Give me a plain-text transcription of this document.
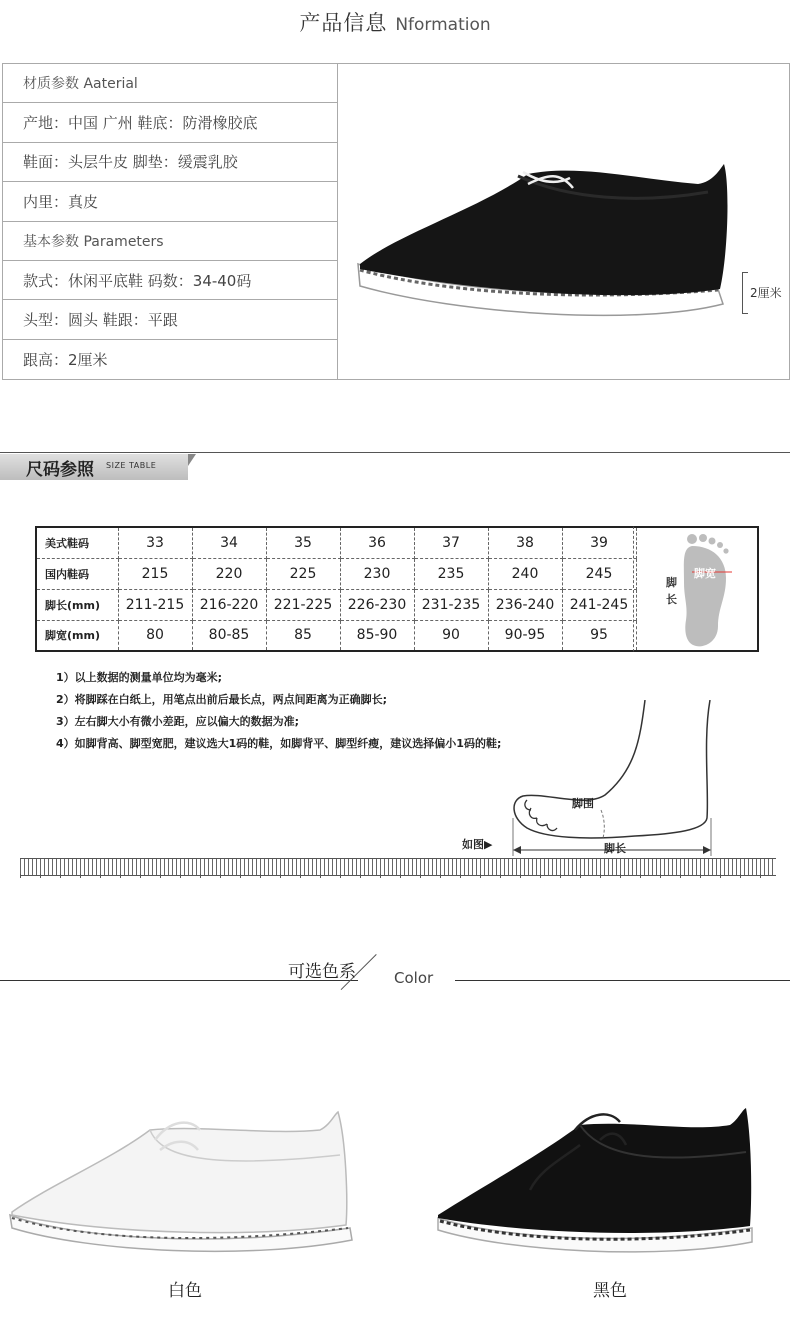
产品信息 Nformation
材质参数 Aaterial
产地：中国 广州 鞋底：防滑橡胶底
鞋面：头层牛皮 脚垫：缓震乳胶
内里：真皮
基本参数 Parameters
款式：休闲平底鞋 码数：34-40码
头型：圆头 鞋跟：平跟
跟高：2厘米
2厘米
尺码参照 SIZE TABLE
美式鞋码	33	34	35	36	37	38	39
国内鞋码	215	220	225	230	235	240	245
脚长(mm)	211-215	216-220	221-225	226-230	231-235	236-240	241-245
脚宽(mm)	80	80-85	85	85-90	90	90-95	95
脚长
脚宽
1）以上数据的测量单位均为毫米;
2）将脚踩在白纸上，用笔点出前后最长点，两点间距离为正确脚长;
3）左右脚大小有微小差距，应以偏大的数据为准;
4）如脚背高、脚型宽肥，建议选大1码的鞋，如脚背平、脚型纤瘦，建议选择偏小1码的鞋;
如图▶
脚围
脚长
可选色系	Color
白色	黑色
